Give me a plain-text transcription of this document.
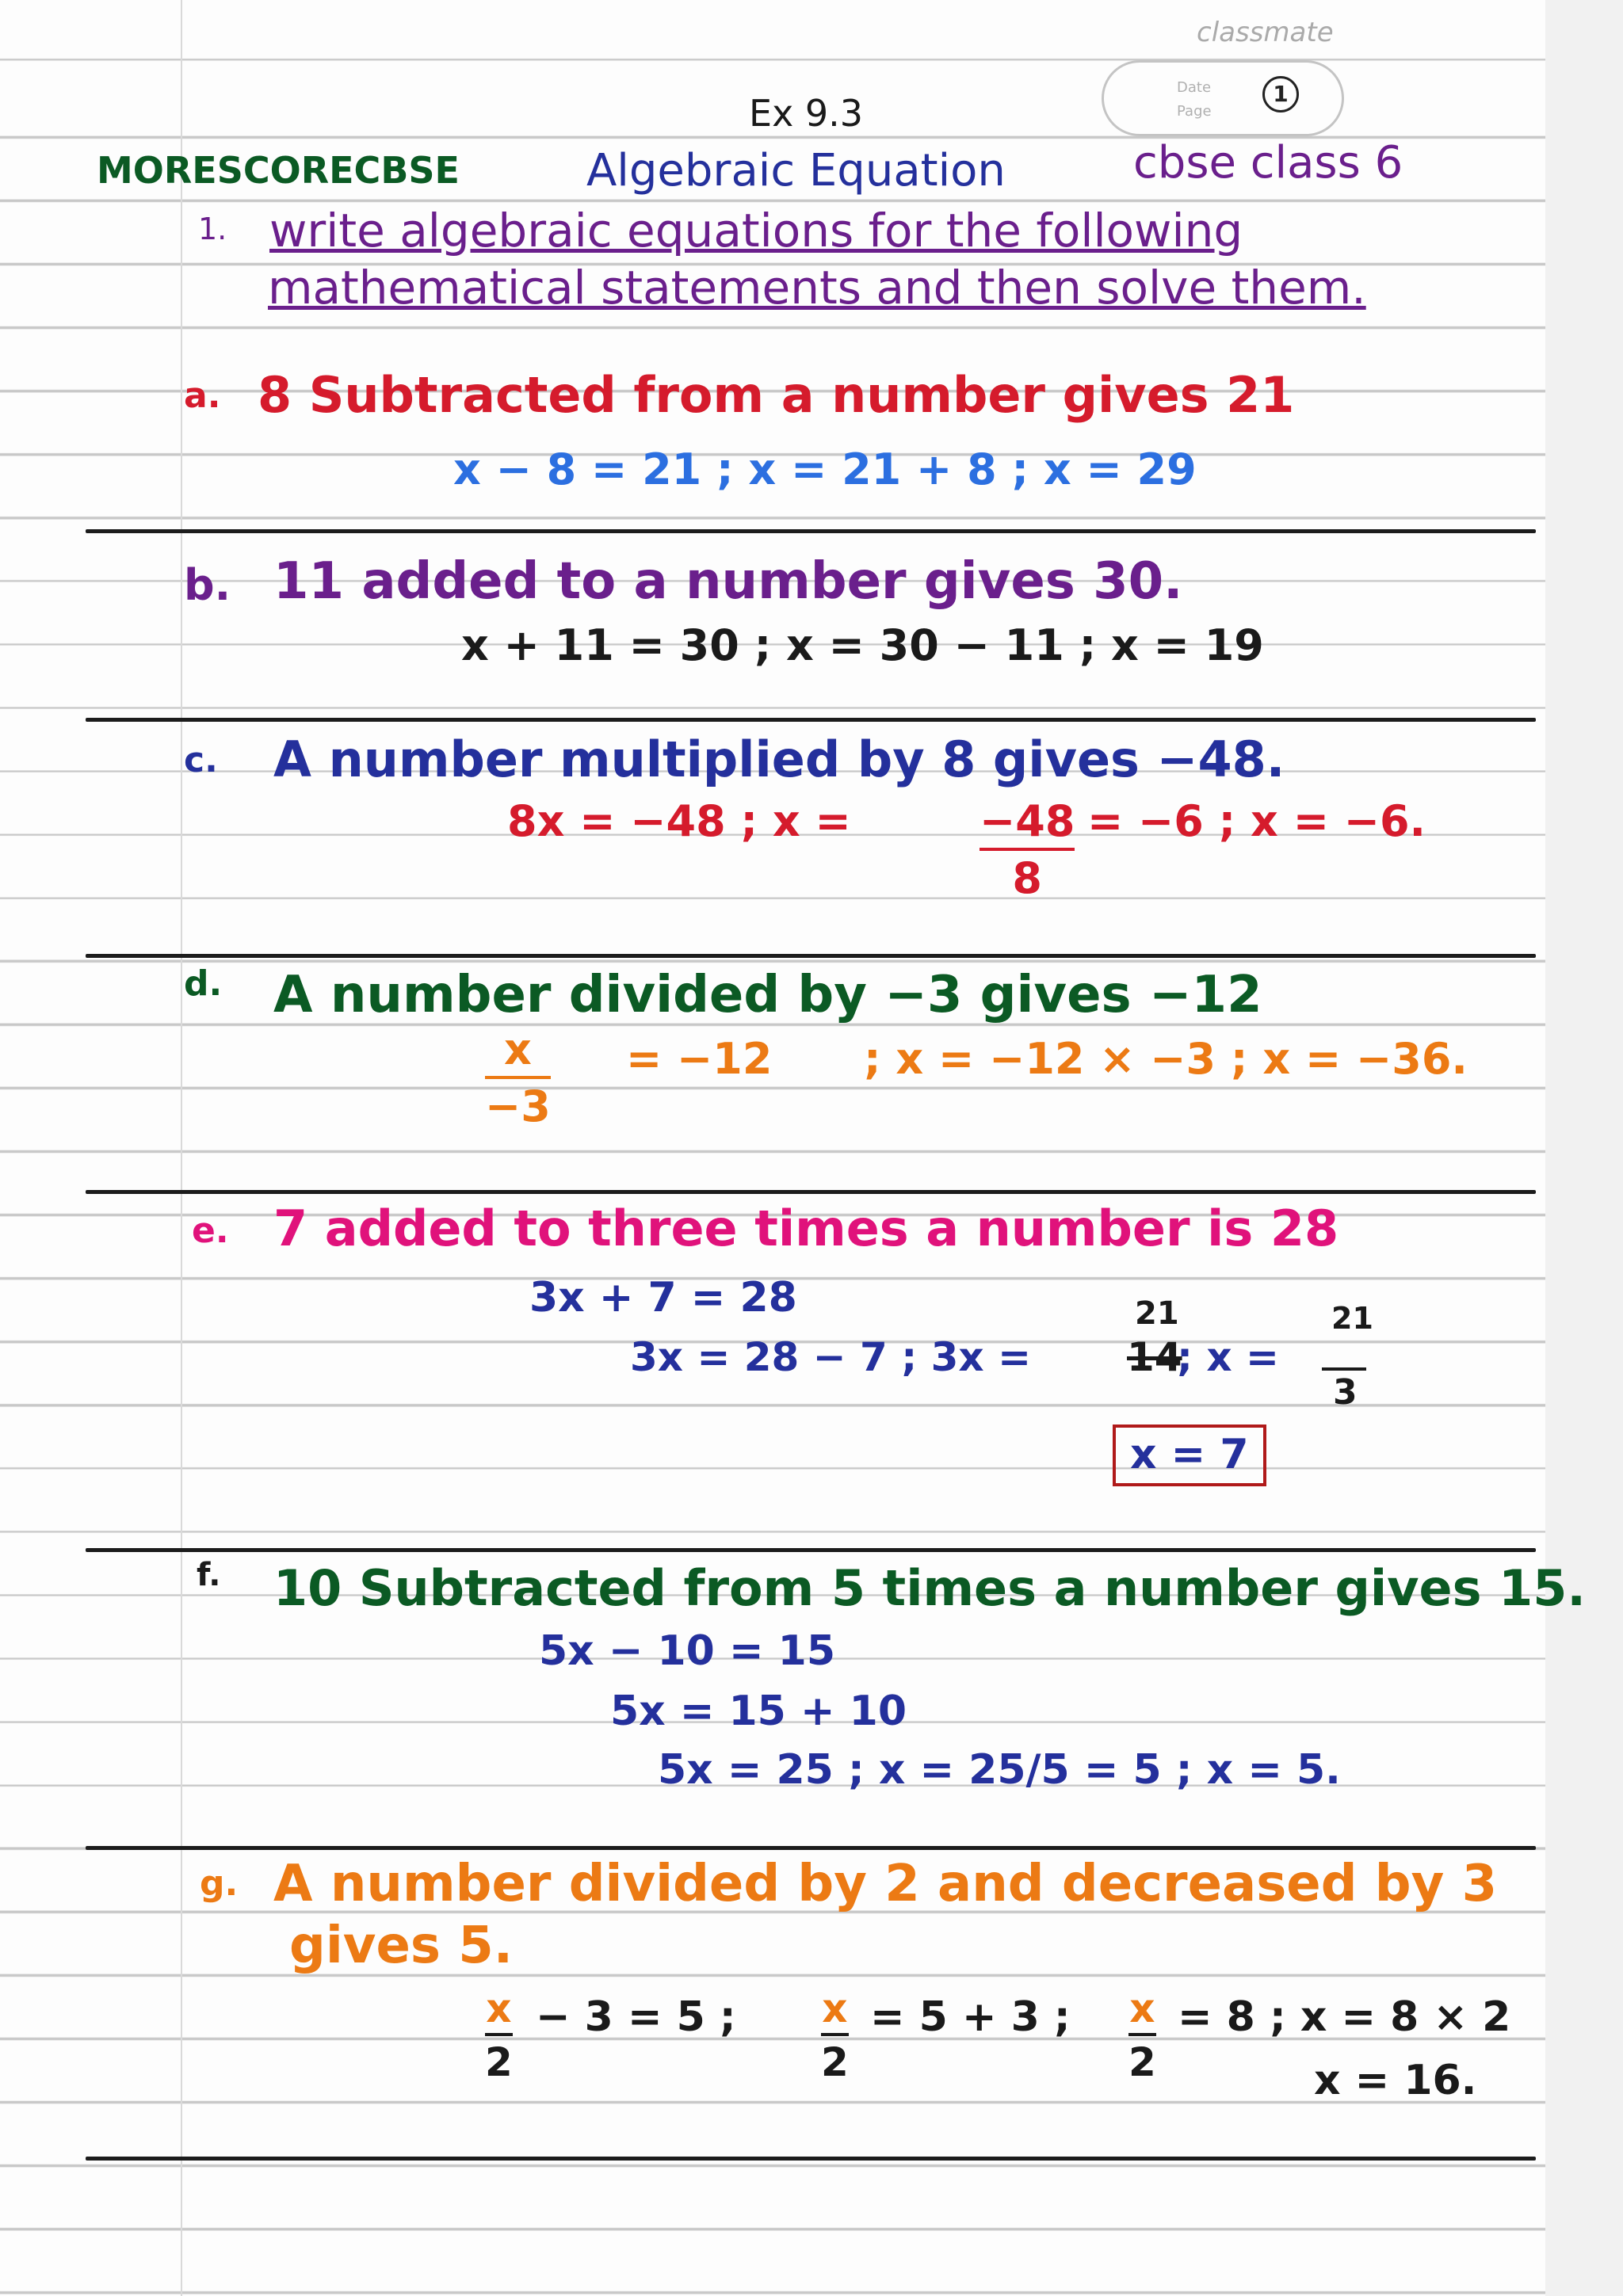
classmate
Date
Page
1
Ex 9.3
MORESCORECBSE	Algebraic Equation	cbse class 6
1. write algebraic equations for the following
mathematical statements and then solve them.
a. 8 Subtracted from a number gives 21
x − 8 = 21 ; x = 21 + 8 ; x = 29
b. 11 added to a number gives 30.
x + 11 = 30 ; x = 30 − 11 ; x = 19
c. A number multiplied by 8 gives −48.
8x = −48 ; x =	−48
8
= −6 ; x = −6.
d. A number divided by −3 gives −12
x
−3
= −12 ; x = −12 × −3 ; x = −36.
e. 7 added to three times a number is 28
3x + 7 = 28
3x = 28 − 7 ; 3x =
21
14
; x =
21
3
x = 7
f. 10 Subtracted from 5 times a number gives 15.
5x − 10 = 15
5x = 15 + 10
5x = 25 ; x = 25/5 = 5 ; x = 5.
g. A number divided by 2 and decreased by 3
gives 5.
x
2
− 3 = 5 ; x
2
= 5 + 3 ; x
2
= 8 ; x = 8 × 2
x = 16.
